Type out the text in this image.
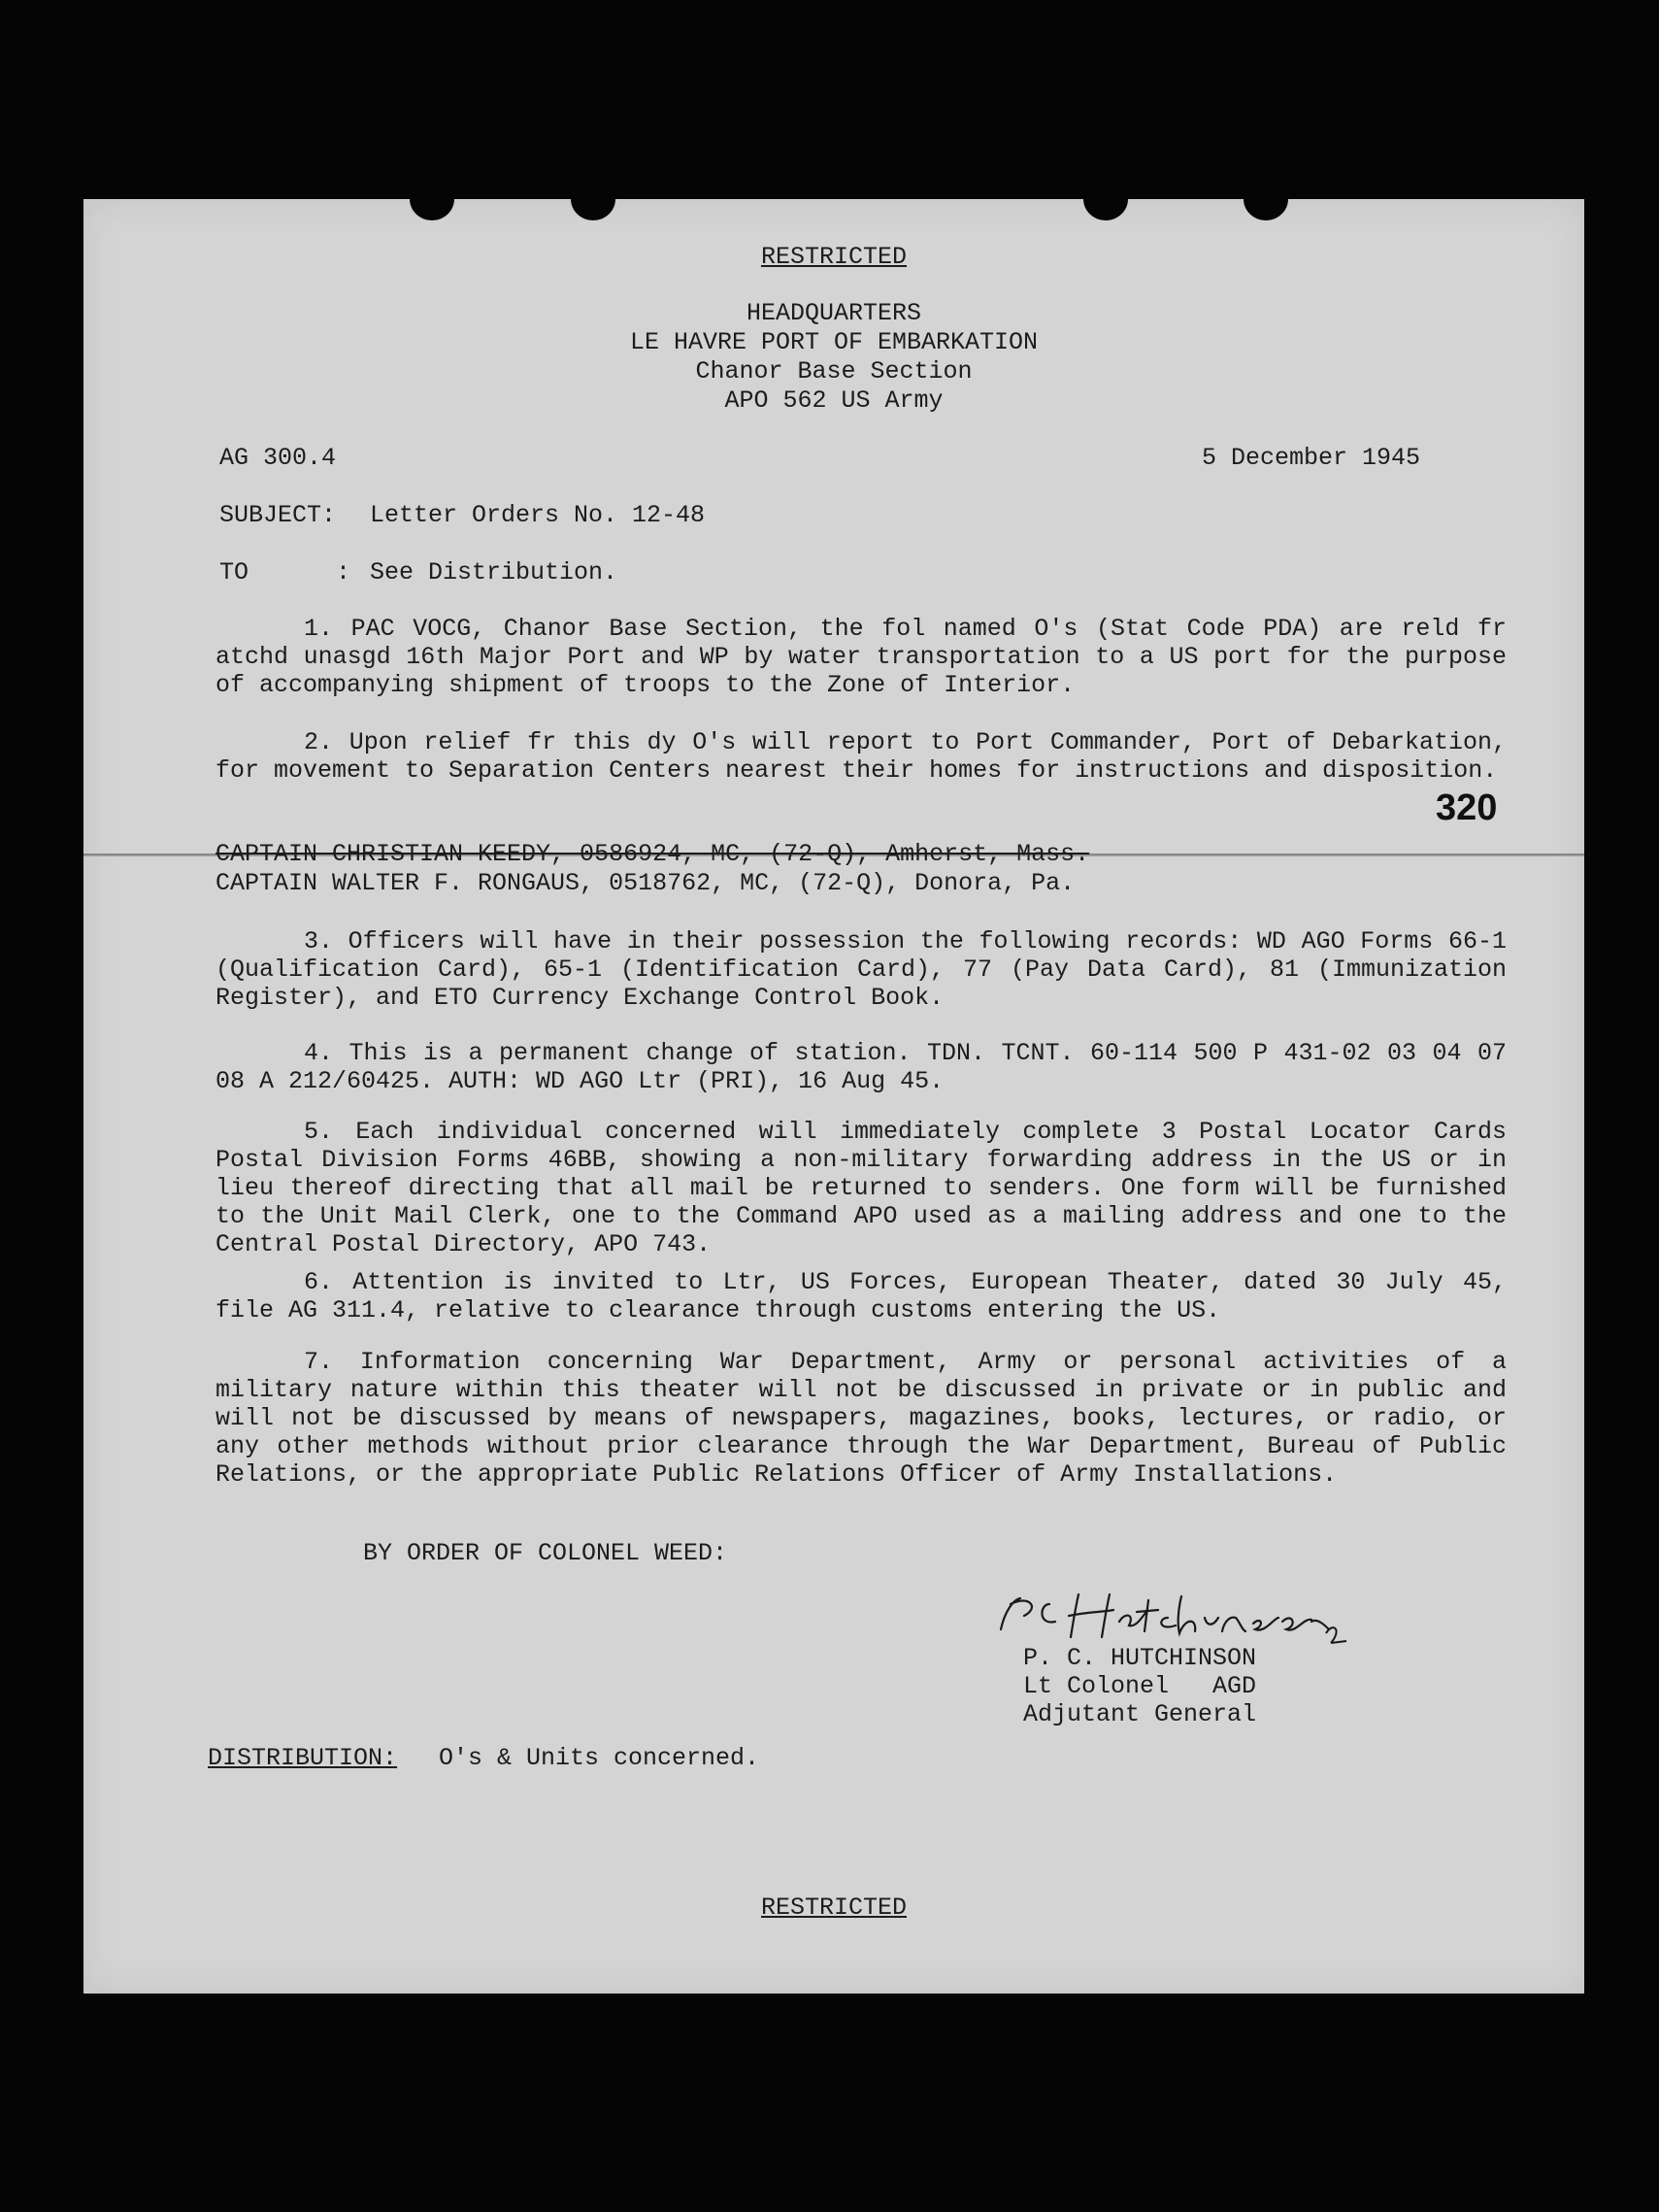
RESTRICTED
HEADQUARTERS
LE HAVRE PORT OF EMBARKATION
Chanor Base Section
APO 562 US Army
AG 300.4	5 December 1945
SUBJECT: Letter Orders No. 12-48
TO      : See Distribution.
1. PAC VOCG, Chanor Base Section, the fol named O's (Stat Code PDA) are reld fr atchd unasgd 16th Major Port and WP by water transportation to a US port for the purpose of accompanying shipment of troops to the Zone of Interior.
2. Upon relief fr this dy O's will report to Port Commander, Port of Debarkation, for movement to Separation Centers nearest their homes for instructions and disposition.
320
CAPTAIN CHRISTIAN KEEDY, 0586924, MC, (72-Q), Amherst, Mass.
CAPTAIN WALTER F. RONGAUS, 0518762, MC, (72-Q), Donora, Pa.
3. Officers will have in their possession the following records: WD AGO Forms 66-1 (Qualification Card), 65-1 (Identification Card), 77 (Pay Data Card), 81 (Immunization Register), and ETO Currency Exchange Control Book.
4. This is a permanent change of station. TDN. TCNT. 60-114 500 P 431-02 03 04 07 08 A 212/60425. AUTH: WD AGO Ltr (PRI), 16 Aug 45.
5. Each individual concerned will immediately complete 3 Postal Locator Cards Postal Division Forms 46BB, showing a non-military forwarding address in the US or in lieu thereof directing that all mail be returned to senders. One form will be furnished to the Unit Mail Clerk, one to the Command APO used as a mailing address and one to the Central Postal Directory, APO 743.
6. Attention is invited to Ltr, US Forces, European Theater, dated 30 July 45, file AG 311.4, relative to clearance through customs entering the US.
7. Information concerning War Department, Army or personal activities of a military nature within this theater will not be discussed in private or in public and will not be discussed by means of newspapers, magazines, books, lectures, or radio, or any other methods without prior clearance through the War Department, Bureau of Public Relations, or the appropriate Public Relations Officer of Army Installations.
BY ORDER OF COLONEL WEED:
P. C. HUTCHINSON
Lt Colonel   AGD
Adjutant General
DISTRIBUTION: O's & Units concerned.
RESTRICTED
